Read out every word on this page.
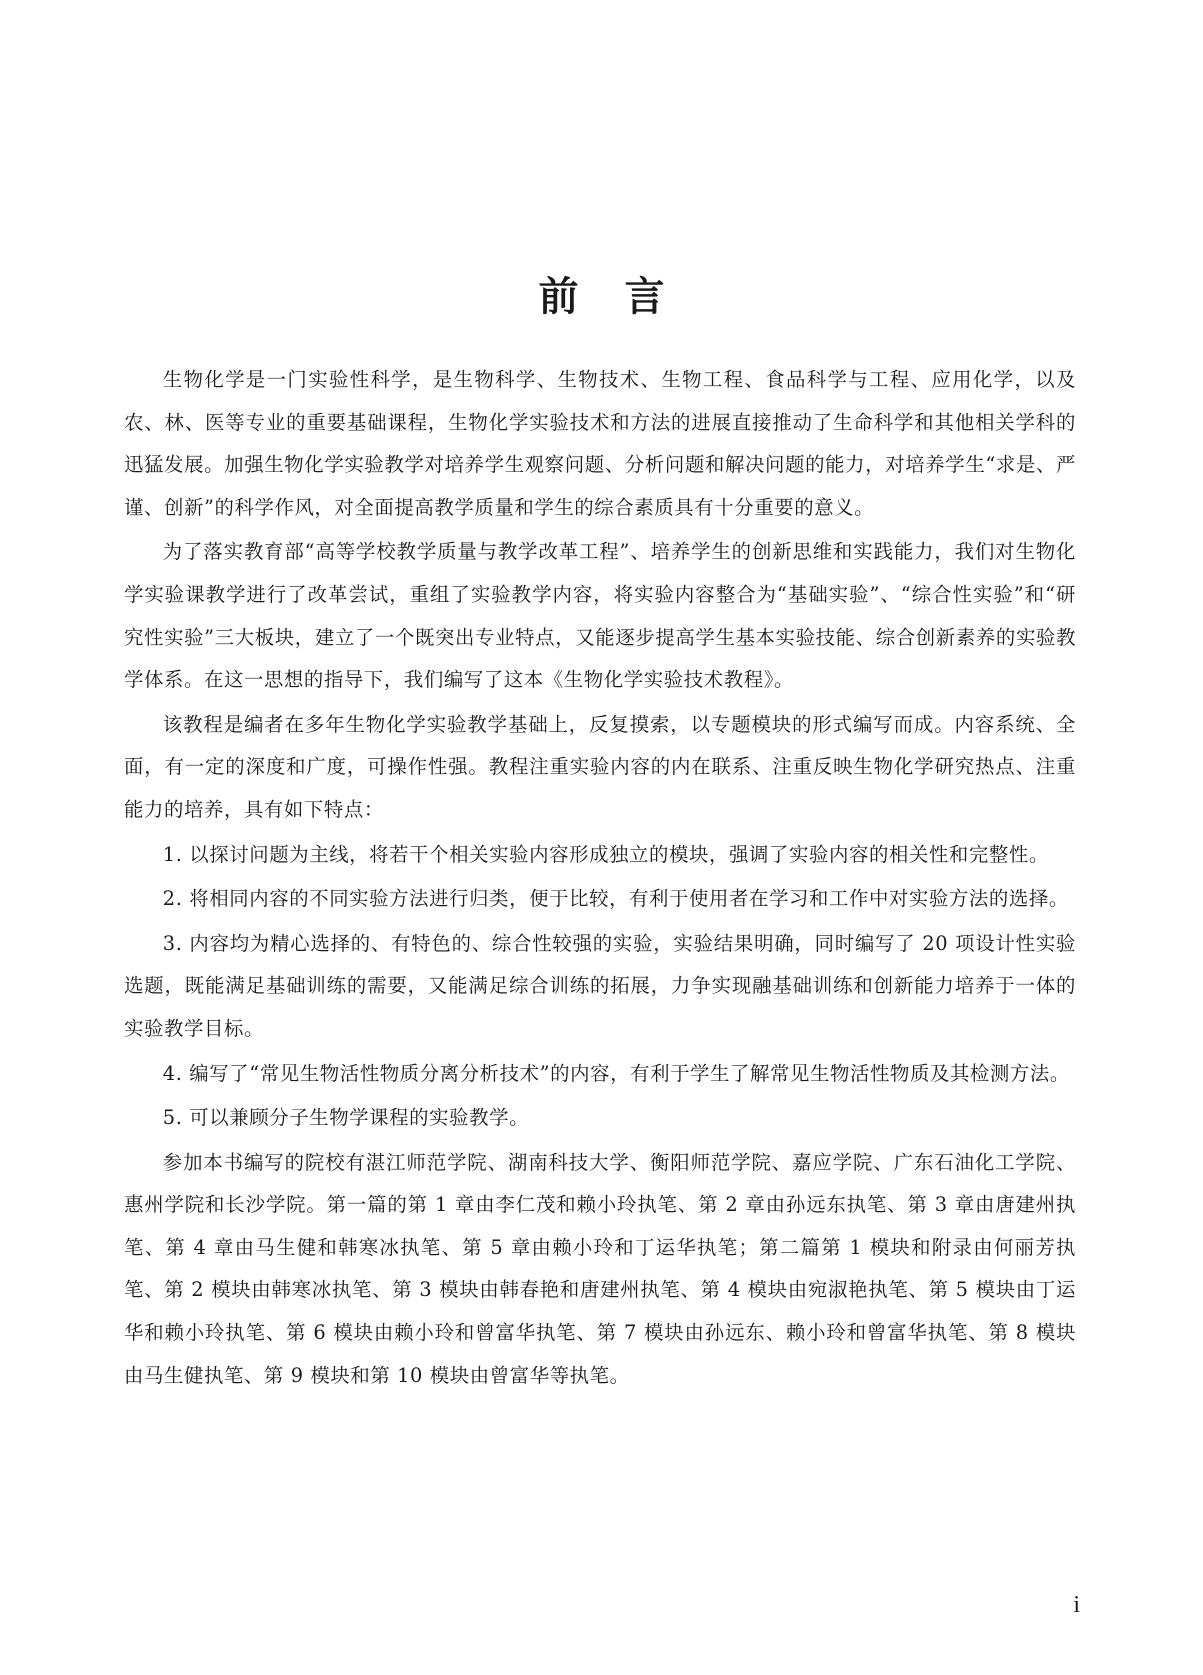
前言

生物化学是一门实验性科学，是生物科学、生物技术、生物工程、食品科学与工程、应用化学，以及农、林、医等专业的重要基础课程，生物化学实验技术和方法的进展直接推动了生命科学和其他相关学科的迅猛发展。加强生物化学实验教学对培养学生观察问题、分析问题和解决问题的能力，对培养学生“求是、严谨、创新”的科学作风，对全面提高教学质量和学生的综合素质具有十分重要的意义。

为了落实教育部“高等学校教学质量与教学改革工程”、培养学生的创新思维和实践能力，我们对生物化学实验课教学进行了改革尝试，重组了实验教学内容，将实验内容整合为“基础实验”、“综合性实验”和“研究性实验”三大板块，建立了一个既突出专业特点，又能逐步提高学生基本实验技能、综合创新素养的实验教学体系。在这一思想的指导下，我们编写了这本《生物化学实验技术教程》。

该教程是编者在多年生物化学实验教学基础上，反复摸索，以专题模块的形式编写而成。内容系统、全面，有一定的深度和广度，可操作性强。教程注重实验内容的内在联系、注重反映生物化学研究热点、注重能力的培养，具有如下特点：

1. 以探讨问题为主线，将若干个相关实验内容形成独立的模块，强调了实验内容的相关性和完整性。

2. 将相同内容的不同实验方法进行归类，便于比较，有利于使用者在学习和工作中对实验方法的选择。

3. 内容均为精心选择的、有特色的、综合性较强的实验，实验结果明确，同时编写了 20 项设计性实验选题，既能满足基础训练的需要，又能满足综合训练的拓展，力争实现融基础训练和创新能力培养于一体的实验教学目标。

4. 编写了“常见生物活性物质分离分析技术”的内容，有利于学生了解常见生物活性物质及其检测方法。

5. 可以兼顾分子生物学课程的实验教学。

参加本书编写的院校有湛江师范学院、湖南科技大学、衡阳师范学院、嘉应学院、广东石油化工学院、惠州学院和长沙学院。第一篇的第 1 章由李仁茂和赖小玲执笔、第 2 章由孙远东执笔、第 3 章由唐建州执笔、第 4 章由马生健和韩寒冰执笔、第 5 章由赖小玲和丁运华执笔；第二篇第 1 模块和附录由何丽芳执笔、第 2 模块由韩寒冰执笔、第 3 模块由韩春艳和唐建州执笔、第 4 模块由宛淑艳执笔、第 5 模块由丁运华和赖小玲执笔、第 6 模块由赖小玲和曾富华执笔、第 7 模块由孙远东、赖小玲和曾富华执笔、第 8 模块由马生健执笔、第 9 模块和第 10 模块由曾富华等执笔。

i
